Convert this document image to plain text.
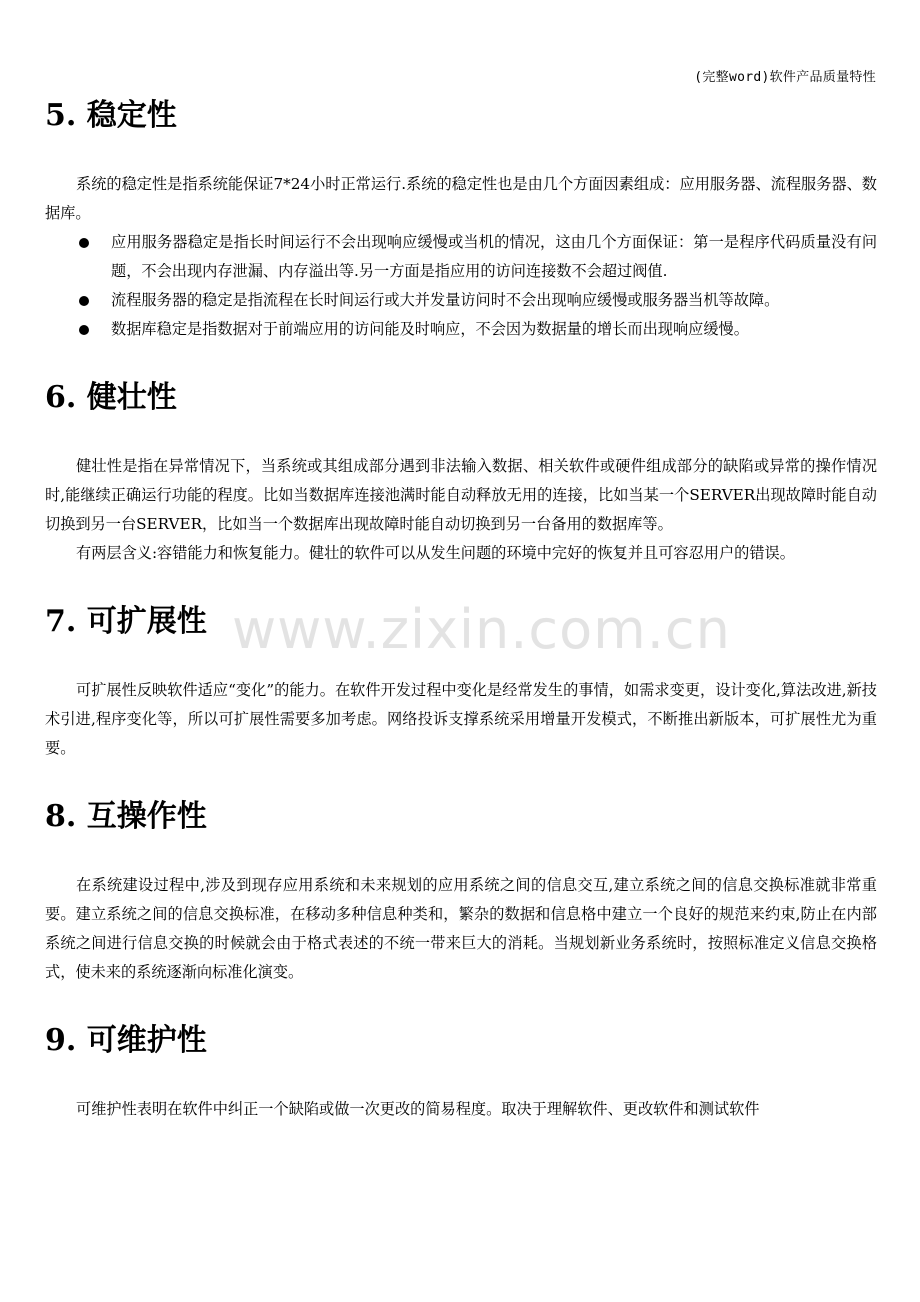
www.zixin.com.cn
(完整word)软件产品质量特性
5. 稳定性

系统的稳定性是指系统能保证7*24小时正常运行.系统的稳定性也是由几个方面因素组成：应用服务器、流程服务器、数据库。

应用服务器稳定是指长时间运行不会出现响应缓慢或当机的情况，这由几个方面保证：第一是程序代码质量没有问题，不会出现内存泄漏、内存溢出等.另一方面是指应用的访问连接数不会超过阀值.
流程服务器的稳定是指流程在长时间运行或大并发量访问时不会出现响应缓慢或服务器当机等故障。
数据库稳定是指数据对于前端应用的访问能及时响应，不会因为数据量的增长而出现响应缓慢。
6. 健壮性

健壮性是指在异常情况下，当系统或其组成部分遇到非法输入数据、相关软件或硬件组成部分的缺陷或异常的操作情况时,能继续正确运行功能的程度。比如当数据库连接池满时能自动释放无用的连接，比如当某一个SERVER出现故障时能自动切换到另一台SERVER，比如当一个数据库出现故障时能自动切换到另一台备用的数据库等。

有两层含义:容错能力和恢复能力。健壮的软件可以从发生问题的环境中完好的恢复并且可容忍用户的错误。

7. 可扩展性

可扩展性反映软件适应“变化”的能力。在软件开发过程中变化是经常发生的事情，如需求变更，设计变化,算法改进,新技术引进,程序变化等，所以可扩展性需要多加考虑。网络投诉支撑系统采用增量开发模式，不断推出新版本，可扩展性尤为重要。

8. 互操作性

在系统建设过程中,涉及到现存应用系统和未来规划的应用系统之间的信息交互,建立系统之间的信息交换标准就非常重要。建立系统之间的信息交换标准，在移动多种信息种类和，繁杂的数据和信息格中建立一个良好的规范来约束,防止在内部系统之间进行信息交换的时候就会由于格式表述的不统一带来巨大的消耗。当规划新业务系统时，按照标准定义信息交换格式，使未来的系统逐渐向标准化演变。

9. 可维护性

可维护性表明在软件中纠正一个缺陷或做一次更改的简易程度。取决于理解软件、更改软件和测试软件
